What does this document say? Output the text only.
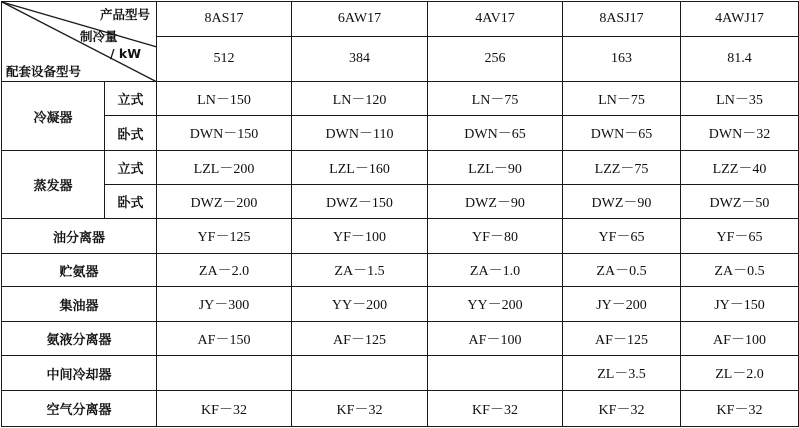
产品型号
制冷量
/ kW
配套设备型号		8AS17	6AW17	4AV17	8ASJ17	4AWJ17
		512	384	256	163	81.4
冷凝器	立式	LN－150	LN－120	LN－75	LN－75	LN－35
	卧式	DWN－150	DWN－110	DWN－65	DWN－65	DWN－32
蒸发器	立式	LZL－200	LZL－160	LZL－90	LZZ－75	LZZ－40
	卧式	DWZ－200	DWZ－150	DWZ－90	DWZ－90	DWZ－50
油分离器		YF－125	YF－100	YF－80	YF－65	YF－65
贮氨器		ZA－2.0	ZA－1.5	ZA－1.0	ZA－0.5	ZA－0.5
集油器		JY－300	YY－200	YY－200	JY－200	JY－150
氨液分离器		AF－150	AF－125	AF－100	AF－125	AF－100
中间冷却器					ZL－3.5	ZL－2.0
空气分离器		KF－32	KF－32	KF－32	KF－32	KF－32
